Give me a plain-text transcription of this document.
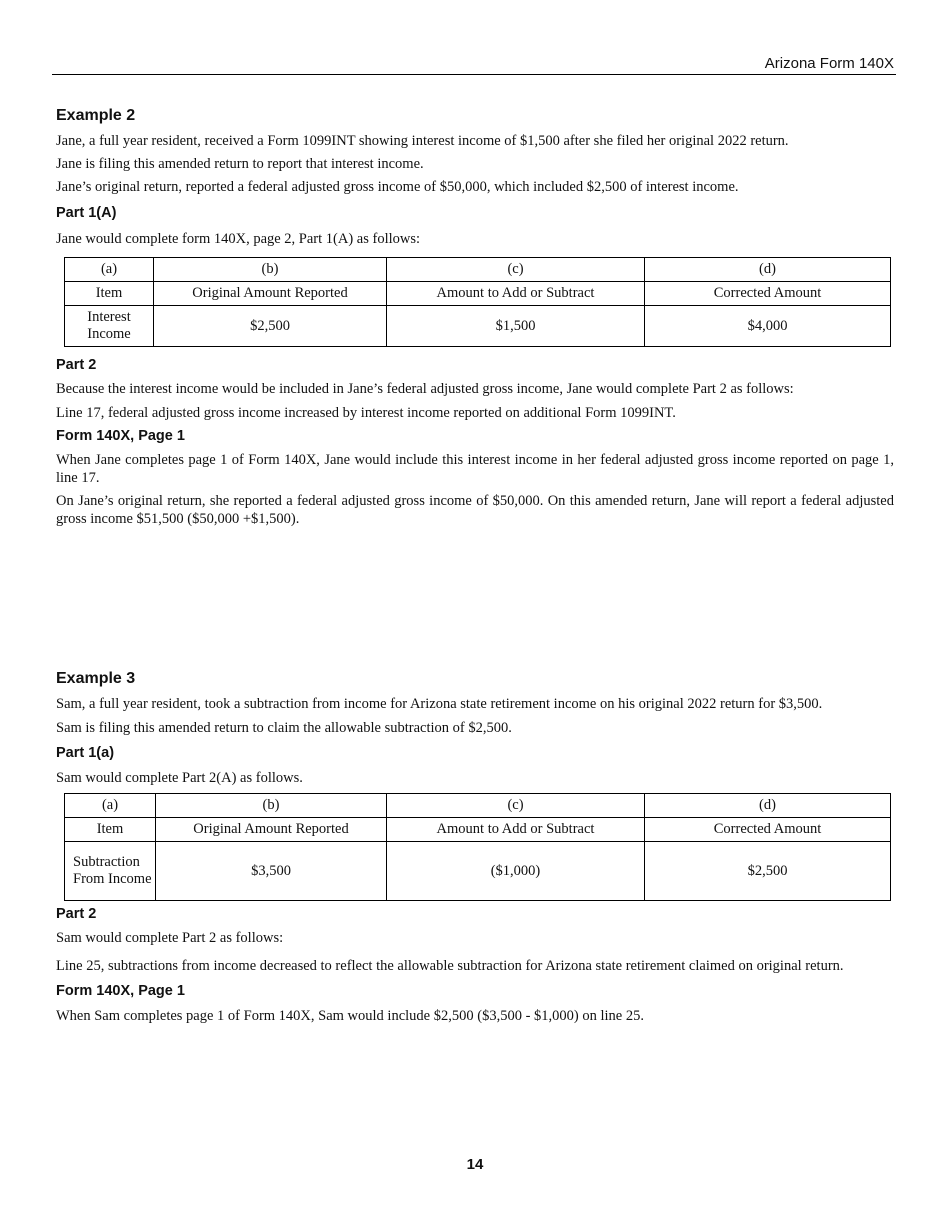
Arizona Form 140X
Example 2

Jane, a full year resident, received a Form 1099INT showing interest income of $1,500 after she filed her original 2022 return.

Jane is filing this amended return to report that interest income.

Jane’s original return, reported a federal adjusted gross income of $50,000, which included $2,500 of interest income.

Part 1(A)

Jane would complete form 140X, page 2, Part 1(A) as follows:

(a)	(b)	(c)	(d)
Item	Original Amount Reported	Amount to Add or Subtract	Corrected Amount
Interest Income	$2,500	$1,500	$4,000
Part 2

Because the interest income would be included in Jane’s federal adjusted gross income, Jane would complete Part 2 as follows:

Line 17, federal adjusted gross income increased by interest income reported on additional Form 1099INT.

Form 140X, Page 1

When Jane completes page 1 of Form 140X, Jane would include this interest income in her federal adjusted gross income reported on page 1, line 17.

On Jane’s original return, she reported a federal adjusted gross income of $50,000. On this amended return, Jane will report a federal adjusted gross income $51,500 ($50,000 +$1,500).

Example 3

Sam, a full year resident, took a subtraction from income for Arizona state retirement income on his original 2022 return for $3,500.

Sam is filing this amended return to claim the allowable subtraction of $2,500.

Part 1(a)

Sam would complete Part 2(A) as follows.

(a)	(b)	(c)	(d)
Item	Original Amount Reported	Amount to Add or Subtract	Corrected Amount
Subtraction From Income	$3,500	($1,000)	$2,500
Part 2

Sam would complete Part 2 as follows:

Line 25, subtractions from income decreased to reflect the allowable subtraction for Arizona state retirement claimed on original return.

Form 140X, Page 1

When Sam completes page 1 of Form 140X, Sam would include $2,500 ($3,500 - $1,000) on line 25.

14
